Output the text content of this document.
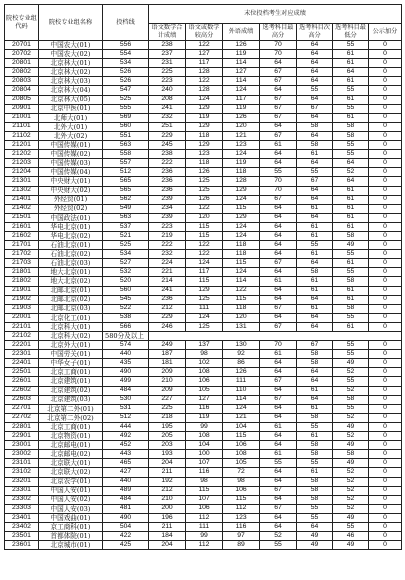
院校专业组代码	院校专业组名称	投档线	末位投档考生对应成绩						
			语文数学合计成绩	语文或数学较高分	外语成绩	选考科目最高分	选考科目次高分	选考科目最低分	公示加分
20701	中国农大(01)	556	238	122	126	70	64	55	0
20702	中国农大(02)	554	237	127	119	70	64	61	0
20801	北京林大(01)	534	231	117	114	64	64	61	0
20802	北京林大(02)	526	225	128	127	67	64	64	0
20803	北京林大(03)	526	223	122	114	67	64	61	0
20804	北京林大(04)	547	240	128	124	64	55	55	0
20805	北京林大(05)	525	208	124	117	67	64	61	0
20901	北京中医(01)	555	241	129	119	67	67	55	0
21001	北师大(01)	569	232	119	126	67	64	61	0
21101	北外大(01)	560	251	129	120	64	58	58	0
21102	北外大(02)	551	229	118	121	67	64	58	0
21201	中国传媒(01)	563	245	129	123	61	58	55	0
21202	中国传媒(02)	558	238	123	124	64	61	55	0
21203	中国传媒(03)	557	222	118	119	64	64	64	0
21204	中国传媒(04)	512	236	126	118	55	55	52	0
21301	中央财大(01)	565	236	125	128	70	67	64	0
21302	中央财大(02)	565	236	125	129	70	64	61	0
21401	外经贸(01)	562	239	126	124	67	64	61	0
21402	外经贸(02)	549	234	122	115	64	61	61	0
21501	中国政法(01)	563	239	120	129	64	64	61	0
21601	华电北京(01)	537	223	115	124	64	61	61	0
21602	华电北京(02)	521	219	115	124	64	61	58	0
21701	石油北京(01)	525	222	122	118	64	55	49	0
21702	石油北京(02)	534	232	122	118	64	61	55	0
21703	石油北京(03)	527	224	124	115	67	64	61	0
21801	地大北京(01)	532	221	117	124	64	58	55	0
21802	地大北京(02)	520	214	115	114	61	61	58	0
21901	北邮北京(01)	560	241	129	122	64	61	61	0
21902	北邮北京(02)	545	236	125	115	64	64	61	0
21903	北邮北京(03)	522	212	111	118	67	61	58	0
22001	北京化工(01)	538	229	124	120	64	64	55	0
22101	北京科大(01)	566	246	125	131	67	64	61	0
22102	北京科大(02)	580分及以上							
22201	北京外大(01)	574	249	137	130	70	67	55	0
22301	中国劳关(01)	440	187	98	92	61	58	55	0
22401	中华女子(01)	435	181	102	86	64	58	49	0
22501	北京工商(01)	490	209	108	126	64	64	52	0
22601	北京建筑(01)	499	210	106	111	67	64	55	0
22602	北京建筑(02)	484	209	105	110	64	61	52	0
22603	北京建筑(03)	530	227	127	114	67	64	58	0
22701	北京第二外(01)	531	225	116	124	64	61	55	0
22702	北京第二外(02)	512	218	119	121	64	58	52	0
22801	北京工商(01)	444	195	99	104	61	55	49	0
22901	北京物资(01)	492	205	108	115	64	61	52	0
23001	北京邮电(01)	452	203	104	106	64	58	49	0
23002	北京邮电(02)	443	193	100	108	61	58	58	0
23101	北京联大(01)	465	204	107	105	55	55	49	0
23102	北京联大(02)	427	211	116	72	64	61	52	0
23201	北京农学(01)	440	192	98	98	64	58	52	0
23301	中国人安(01)	489	212	115	106	67	58	52	0
23302	中国人安(02)	484	210	107	115	64	58	52	0
23303	中国人安(03)	481	200	106	112	67	55	52	0
23401	中国戏曲(01)	490	196	112	123	64	55	49	0
23402	京工商科(01)	504	211	111	116	64	64	55	0
23501	首都体院(01)	422	184	99	97	52	49	46	0
23601	北京城市(01)	425	204	112	89	55	49	49	0
